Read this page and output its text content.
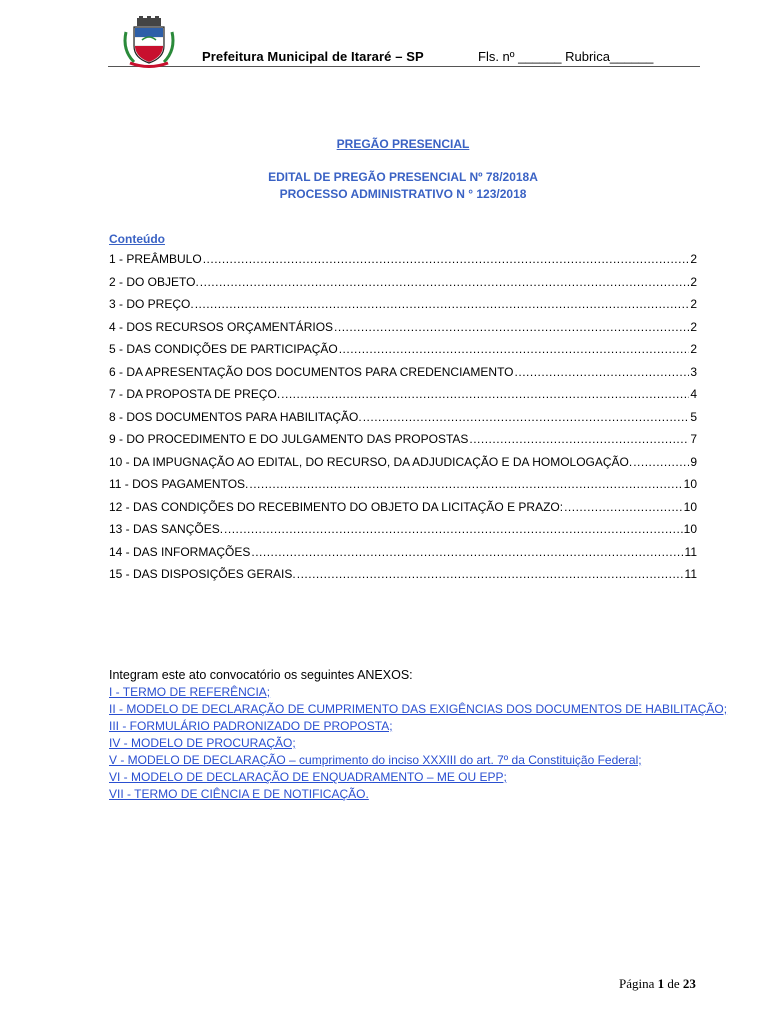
Prefeitura Municipal de Itararé – SP	Fls. nº ______ Rubrica______
PREGÃO PRESENCIAL
EDITAL DE PREGÃO PRESENCIAL Nº 78/2018A
PROCESSO ADMINISTRATIVO N ° 123/2018
Conteúdo
1 - PREÂMBULO .....	2
2 - DO OBJETO. .....	2
3 - DO PREÇO. .....	2
4 - DOS RECURSOS ORÇAMENTÁRIOS .....	2
5 - DAS CONDIÇÕES DE PARTICIPAÇÃO .....	2
6 - DA APRESENTAÇÃO DOS DOCUMENTOS PARA CREDENCIAMENTO .....	3
7 - DA PROPOSTA DE PREÇO. .....	4
8 - DOS DOCUMENTOS PARA HABILITAÇÃO. .....	5
9 - DO PROCEDIMENTO E DO JULGAMENTO DAS PROPOSTAS .....	7
10 - DA IMPUGNAÇÃO AO EDITAL, DO RECURSO, DA ADJUDICAÇÃO E DA HOMOLOGAÇÃO. .....	9
11 - DOS PAGAMENTOS. .....	10
12 - DAS CONDIÇÕES DO RECEBIMENTO DO OBJETO DA LICITAÇÃO E PRAZO: .....	10
13 - DAS SANÇÕES. .....	10
14 - DAS INFORMAÇÕES .....	11
15 - DAS DISPOSIÇÕES GERAIS. .....	11
Integram este ato convocatório os seguintes ANEXOS:
I - TERMO DE REFERÊNCIA;
II - MODELO DE DECLARAÇÃO DE CUMPRIMENTO DAS EXIGÊNCIAS DOS DOCUMENTOS DE HABILITAÇÃO;
III - FORMULÁRIO PADRONIZADO DE PROPOSTA;
IV - MODELO DE PROCURAÇÃO;
V - MODELO DE DECLARAÇÃO – cumprimento do inciso XXXIII do art. 7º da Constituição Federal;
VI - MODELO DE DECLARAÇÃO DE ENQUADRAMENTO – ME OU EPP;
VII - TERMO DE CIÊNCIA E DE NOTIFICAÇÃO.
Página 1 de 23
